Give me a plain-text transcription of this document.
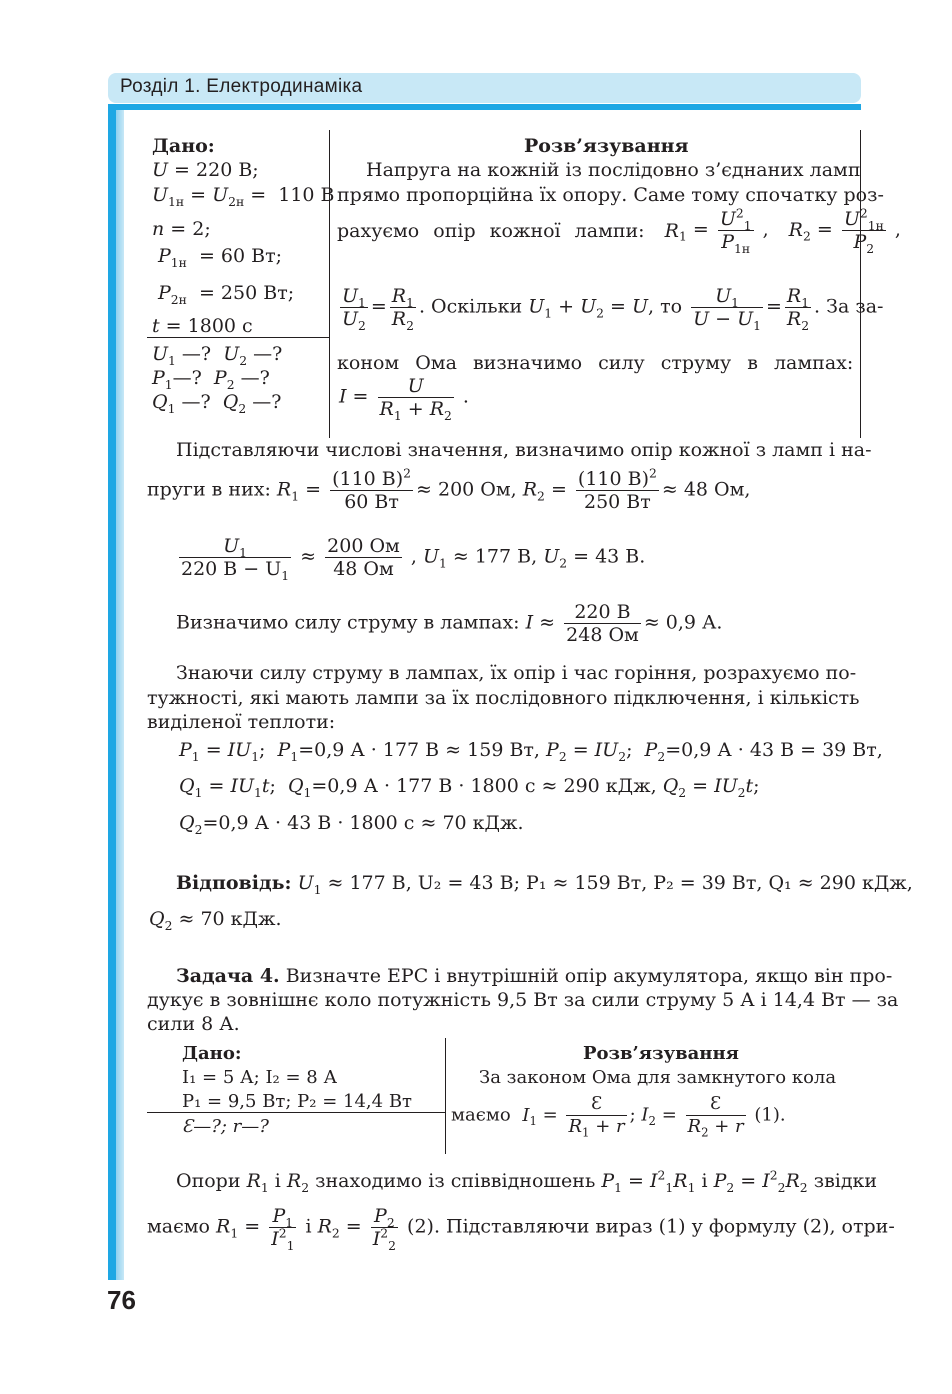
Розділ 1. Електродинаміка
Дано:
U = 220 В;
$U_{1н} = U_{2н} = 110$ В
n = 2;
$P_{1н} = 60$ Вт;
$P_{2н} = 250$ Вт;
t = 1800 с
$U_1$ —?  $U_2$ —?
$P_1—$?  $P_2$ —?
$Q_1$ —?  $Q_2$ —?
Розв’язування
Напруга на кожній із послідовно з’єднаних ламп
прямо пропорційна їх опору. Саме тому спочатку роз-
рахуємо опір кожної лампи: $R_1 = \frac{U^2_1}{P_{1н}}$ , $R_2 = \frac{U^2_{1н}}{P_2}$ ,
$\frac{U_1}{U_2} = \frac{R_1}{R_2}$ . Оскільки $U_1 + U_2 = U$, то $\frac{U_1}{U - U_1} = \frac{R_1}{R_2}$ . За за-
коном Ома визначимо силу струму в лампах:
$I = \frac{U}{R_1 + R_2}$ .
Підставляючи числові значення, визначимо опір кожної з ламп і на-
пруги в них: $R_1 = \frac{(110 В)^2}{60 Вт} \approx 200$ Ом, $R_2 = \frac{(110 В)^2}{250 Вт} \approx 48$ Ом,
$\frac{U_1}{220 В - U_1} \approx \frac{200 Ом}{48 Ом}$ , $U_1 \approx 177$ В, $U_2 = 43$ В.
Визначимо силу струму в лампах: $I \approx \frac{220 В}{248 Ом} \approx 0,9$ А.
Знаючи силу струму в лампах, їх опір і час горіння, розрахуємо по-
тужності, які мають лампи за їх послідовного підключення, і кількість
виділеної теплоти:
$P_1 = IU_1$;  $P_1=0,9$ А · 177 В ≈ 159 Вт, $P_2 = IU_2$;  $P_2=0,9$ А · 43 В = 39 Вт,
$Q_1 = IU_1t$;  $Q_1=0,9$ А · 177 В · 1800 с ≈ 290 кДж, $Q_2 = IU_2t$;
$Q_2=0,9$ А · 43 В · 1800 с ≈ 70 кДж.
Відповідь: $U_1 \approx 177$ В, U₂ = 43 В; P₁ ≈ 159 Вт, P₂ = 39 Вт, Q₁ ≈ 290 кДж,
$Q_2 \approx 70$ кДж.
Задача 4. Визначте ЕРС і внутрішній опір акумулятора, якщо він про-
дукує в зовнішнє коло потужність 9,5 Вт за сили струму 5 А і 14,4 Вт — за
сили 8 А.
Дано:
I₁ = 5 А; I₂ = 8 А
P₁ = 9,5 Вт; P₂ = 14,4 Вт
Ɛ—?; r—?
Розв’язування
За законом Ома для замкнутого кола
маємо $I_1 = \frac{Ɛ}{R_1 + r}$ ; $I_2 = \frac{Ɛ}{R_2 + r} (1)$.
Опори $R_1$ і $R_2$ знаходимо із співвідношень $P_1 = I^2_1R_1$ і $P_2 = I^2_2R_2$ звідки
маємо $R_1 = \frac{P_1}{I^2_1}$ і $R_2 = \frac{P_2}{I^2_2} (2)$. Підставляючи вираз (1) у формулу (2), отри-
76
